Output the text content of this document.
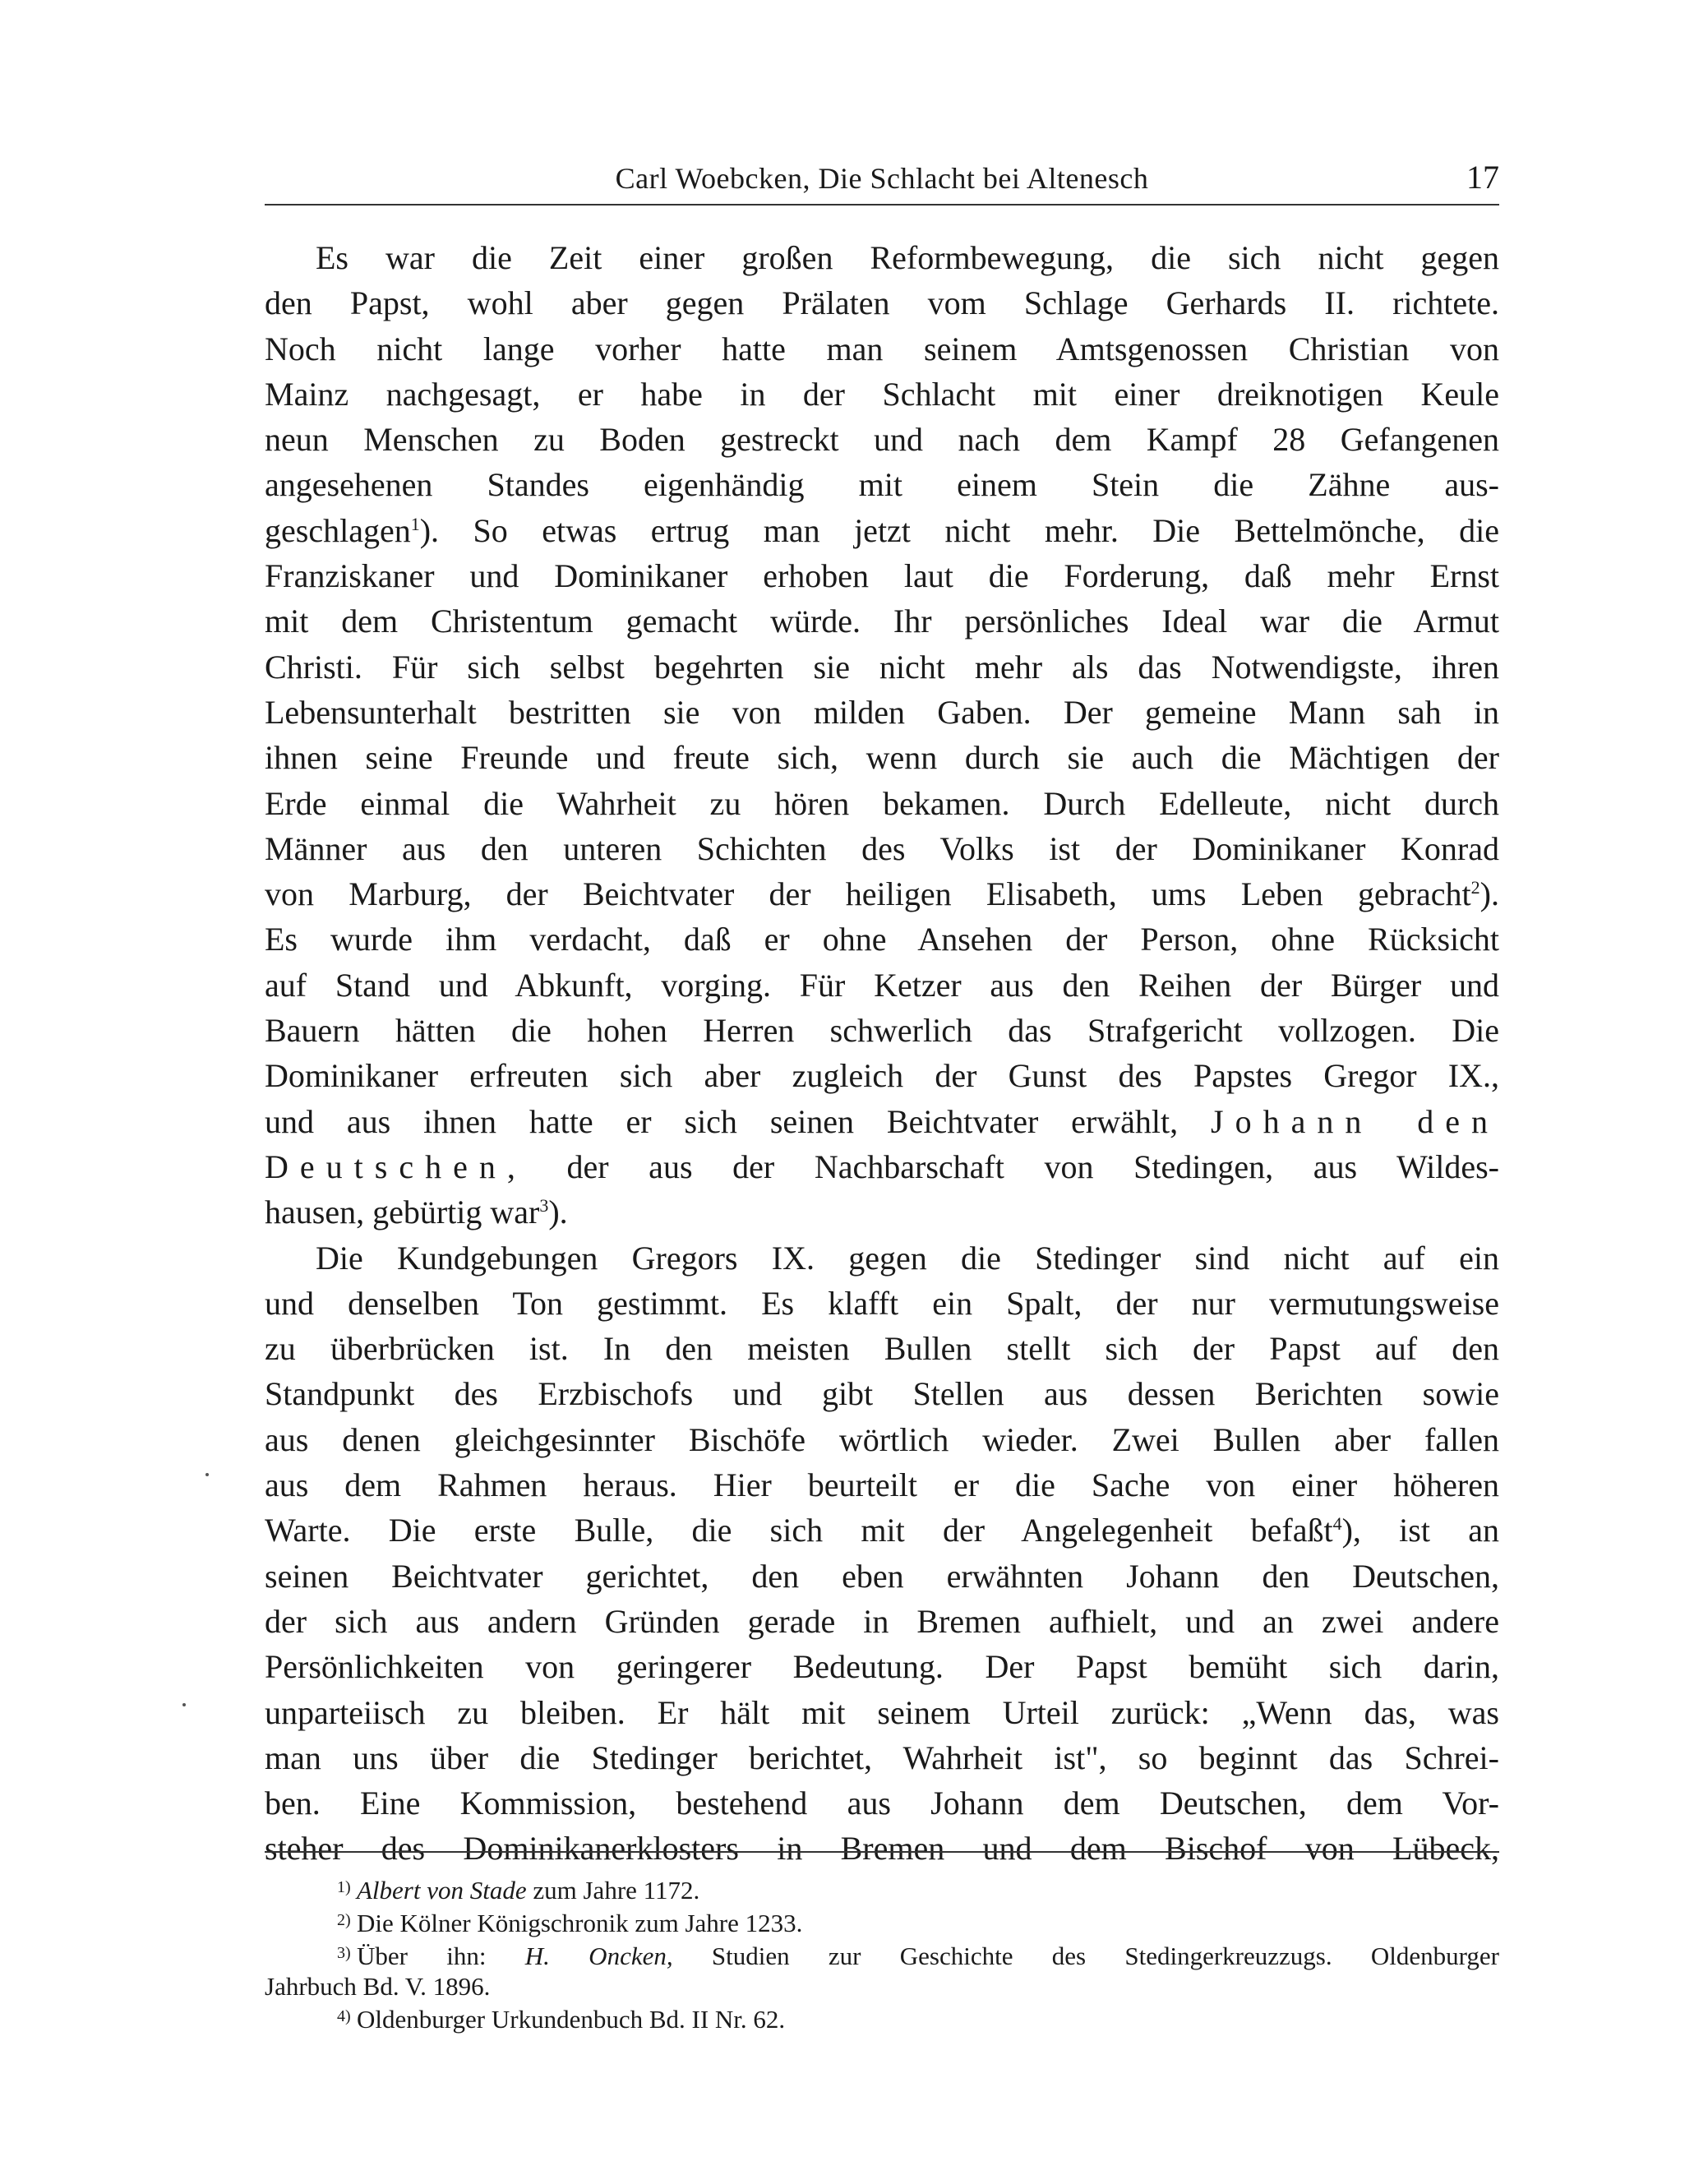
Carl Woebcken, Die Schlacht bei Altenesch	17
Es war die Zeit einer großen Reformbewegung, die sich nicht gegen
den Papst, wohl aber gegen Prälaten vom Schlage Gerhards II. richtete.
Noch nicht lange vorher hatte man seinem Amtsgenossen Christian von
Mainz nachgesagt, er habe in der Schlacht mit einer dreiknotigen Keule
neun Menschen zu Boden gestreckt und nach dem Kampf 28 Gefangenen
angesehenen Standes eigenhändig mit einem Stein die Zähne aus-
geschlagen$^1$). So etwas ertrug man jetzt nicht mehr. Die Bettelmönche, die
Franziskaner und Dominikaner erhoben laut die Forderung, daß mehr Ernst
mit dem Christentum gemacht würde. Ihr persönliches Ideal war die Armut
Christi. Für sich selbst begehrten sie nicht mehr als das Notwendigste, ihren
Lebensunterhalt bestritten sie von milden Gaben. Der gemeine Mann sah in
ihnen seine Freunde und freute sich, wenn durch sie auch die Mächtigen der
Erde einmal die Wahrheit zu hören bekamen. Durch Edelleute, nicht durch
Männer aus den unteren Schichten des Volks ist der Dominikaner Konrad
von Marburg, der Beichtvater der heiligen Elisabeth, ums Leben gebracht$^2$).
Es wurde ihm verdacht, daß er ohne Ansehen der Person, ohne Rücksicht
auf Stand und Abkunft, vorging. Für Ketzer aus den Reihen der Bürger und
Bauern hätten die hohen Herren schwerlich das Strafgericht vollzogen. Die
Dominikaner erfreuten sich aber zugleich der Gunst des Papstes Gregor IX.,
und aus ihnen hatte er sich seinen Beichtvater erwählt, Johann den
Deutschen, der aus der Nachbarschaft von Stedingen, aus Wildes-
hausen, gebürtig war$^3$).
Die Kundgebungen Gregors IX. gegen die Stedinger sind nicht auf ein
und denselben Ton gestimmt. Es klafft ein Spalt, der nur vermutungsweise
zu überbrücken ist. In den meisten Bullen stellt sich der Papst auf den
Standpunkt des Erzbischofs und gibt Stellen aus dessen Berichten sowie
aus denen gleichgesinnter Bischöfe wörtlich wieder. Zwei Bullen aber fallen
aus dem Rahmen heraus. Hier beurteilt er die Sache von einer höheren
Warte. Die erste Bulle, die sich mit der Angelegenheit befaßt$^4$), ist an
seinen Beichtvater gerichtet, den eben erwähnten Johann den Deutschen,
der sich aus andern Gründen gerade in Bremen aufhielt, und an zwei andere
Persönlichkeiten von geringerer Bedeutung. Der Papst bemüht sich darin,
unparteiisch zu bleiben. Er hält mit seinem Urteil zurück: „Wenn das, was
man uns über die Stedinger berichtet, Wahrheit ist", so beginnt das Schrei-
ben. Eine Kommission, bestehend aus Johann dem Deutschen, dem Vor-
steher des Dominikanerklosters in Bremen und dem Bischof von Lübeck,
1) Albert von Stade zum Jahre 1172.
2) Die Kölner Königschronik zum Jahre 1233.
3) Über ihn: H. Oncken, Studien zur Geschichte des Stedingerkreuzzugs. Oldenburger
Jahrbuch Bd. V. 1896.
4) Oldenburger Urkundenbuch Bd. II Nr. 62.
